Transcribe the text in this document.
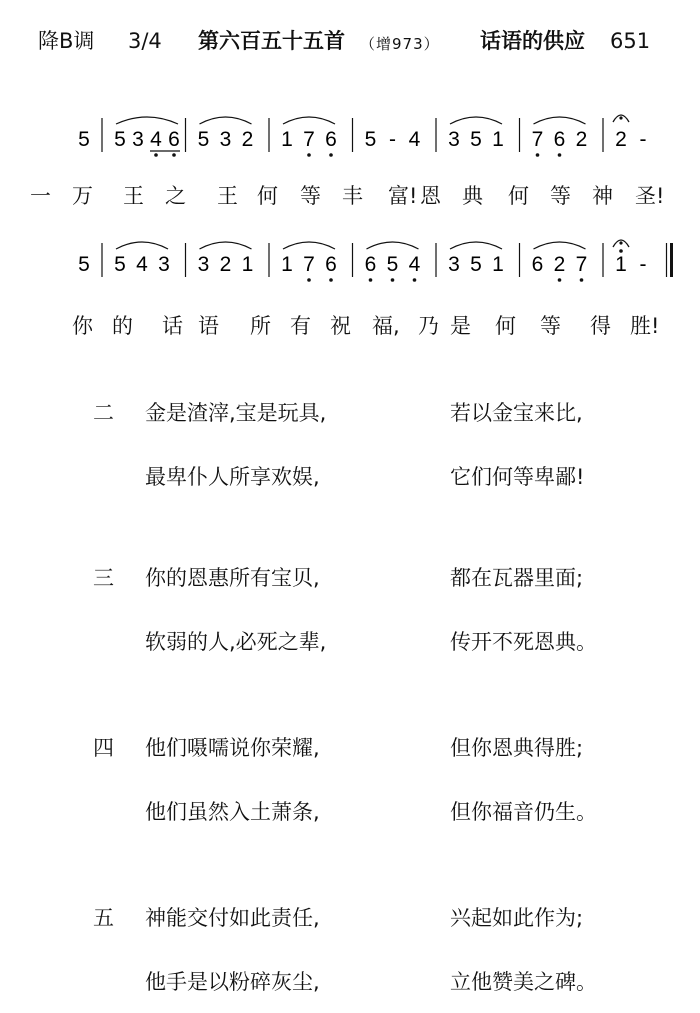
降B调 3/4 第六百五十五首 （增973） 话语的供应 651
5 5 3 4 6 5 3 2 1 7 6 5 - 4 3 5 1 7 6 2 2 -
一 万 王 之 王 何 等 丰 富! 恩 典 何 等 神 圣!
5 5 4 3 3 2 1 1 7 6 6 5 4 3 5 1 6 2 7 1 -
你 的 话 语 所 有 祝 福, 乃 是 何 等 得 胜!
二 金是渣滓,宝是玩具,	若以金宝来比,
最卑仆人所享欢娱,	它们何等卑鄙!
三 你的恩惠所有宝贝,	都在瓦器里面;
软弱的人,必死之辈,	传开不死恩典。
四 他们嗫嚅说你荣耀,	但你恩典得胜;
他们虽然入土萧条,	但你福音仍生。
五 神能交付如此责任,	兴起如此作为;
他手是以粉碎灰尘,	立他赞美之碑。
